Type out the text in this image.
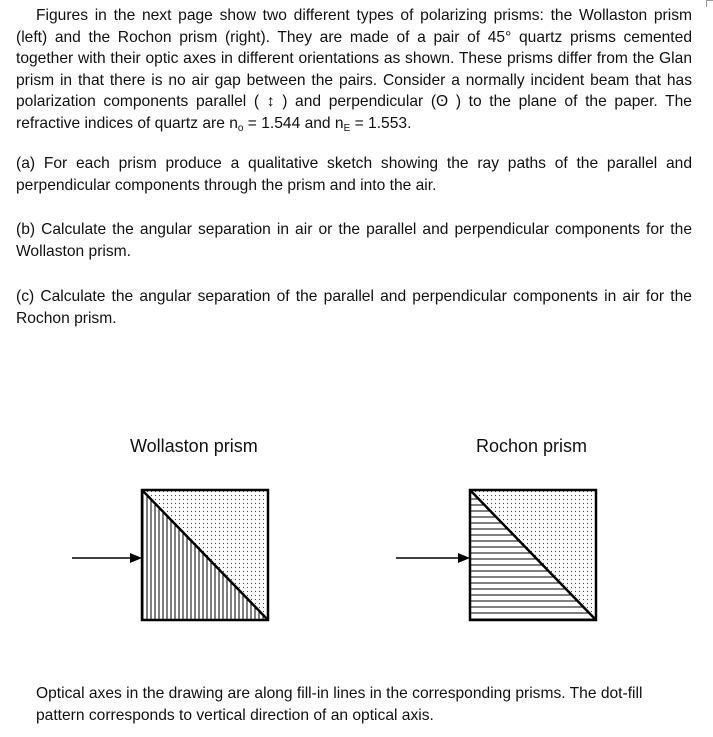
Figures in the next page show two different types of polarizing prisms: the Wollaston prism (left) and the Rochon prism (right). They are made of a pair of 45° quartz prisms cemented together with their optic axes in different orientations as shown. These prisms differ from the Glan prism in that there is no air gap between the pairs. Consider a normally incident beam that has polarization components parallel ( ↕ ) and perpendicular (ʘ ) to the plane of the paper. The refractive indices of quartz are $n_o = 1.544$ and $n_E = 1.553$.

(a) For each prism produce a qualitative sketch showing the ray paths of the parallel and perpendicular components through the prism and into the air.

(b) Calculate the angular separation in air or the parallel and perpendicular components for the Wollaston prism.

(c) Calculate the angular separation of the parallel and perpendicular components in air for the Rochon prism.

Wollaston prism	Rochon prism

Optical axes in the drawing are along fill-in lines in the corresponding prisms. The dot-fill pattern corresponds to vertical direction of an optical axis.
